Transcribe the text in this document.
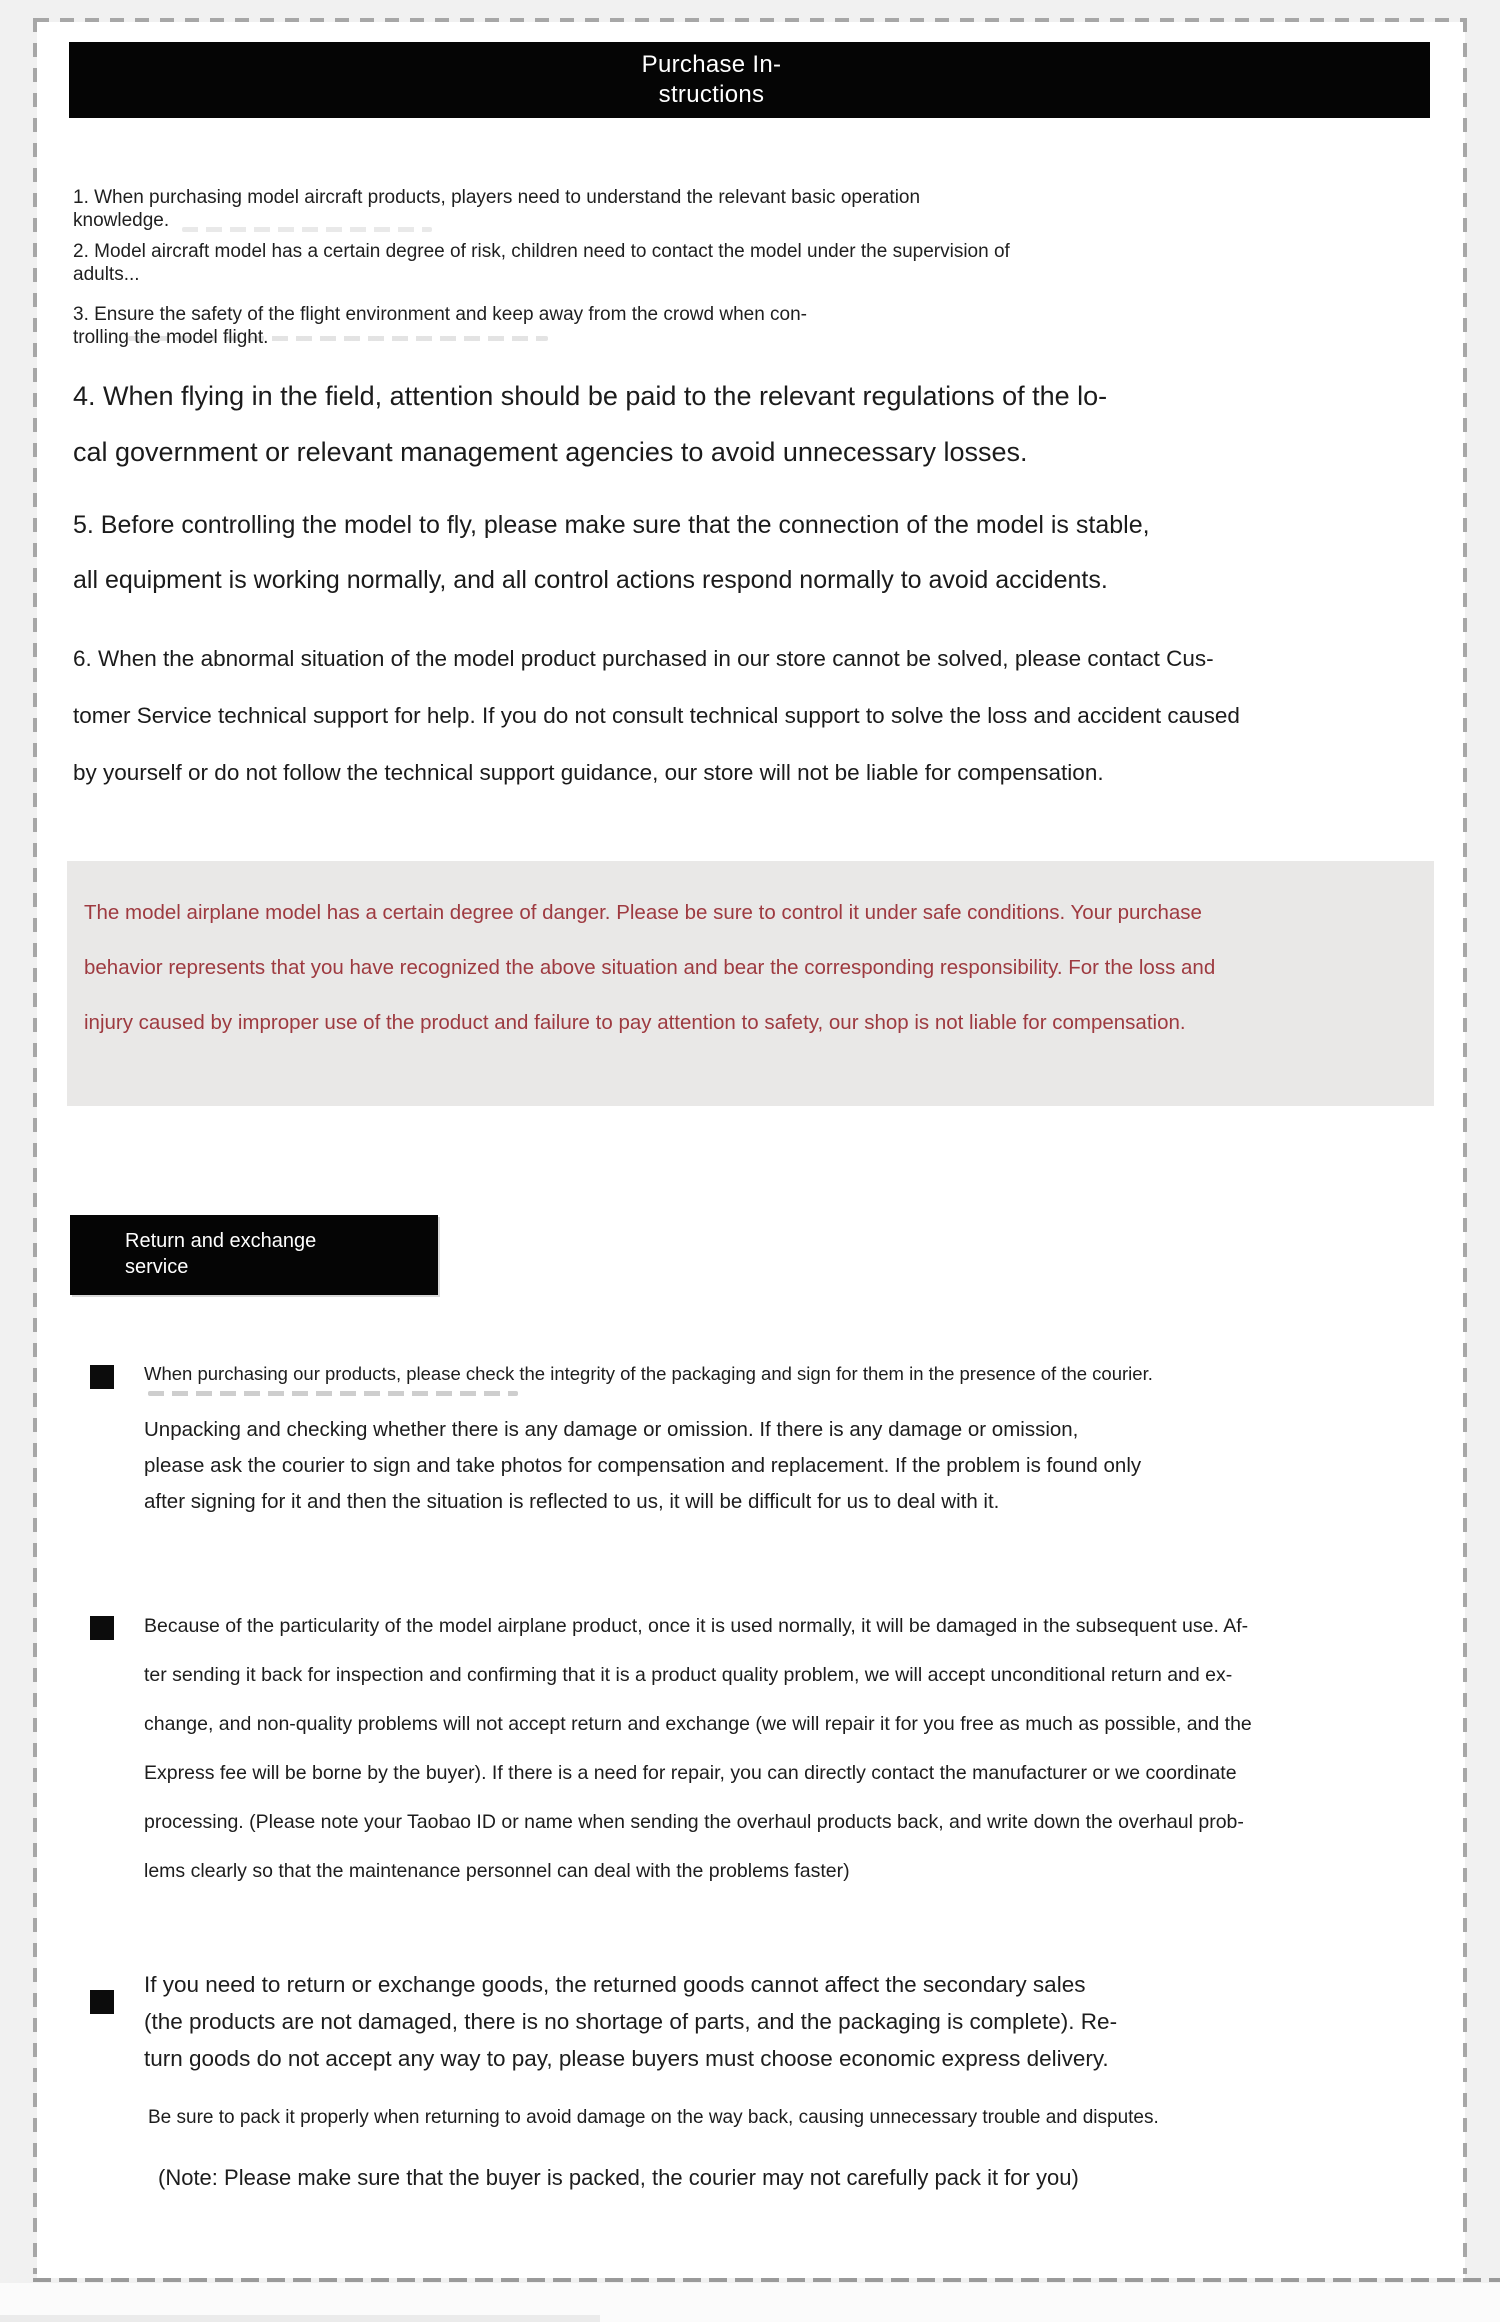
Purchase In-
structions
1. When purchasing model aircraft products, players need to understand the relevant basic operation
knowledge.
2. Model aircraft model has a certain degree of risk, children need to contact the model under the supervision of
adults...
3. Ensure the safety of the flight environment and keep away from the crowd when con-
trolling the model flight.
4. When flying in the field, attention should be paid to the relevant regulations of the lo-
cal government or relevant management agencies to avoid unnecessary losses.
5. Before controlling the model to fly, please make sure that the connection of the model is stable,
all equipment is working normally, and all control actions respond normally to avoid accidents.
6. When the abnormal situation of the model product purchased in our store cannot be solved, please contact Cus-
tomer Service technical support for help. If you do not consult technical support to solve the loss and accident caused
by yourself or do not follow the technical support guidance, our store will not be liable for compensation.
The model airplane model has a certain degree of danger. Please be sure to control it under safe conditions. Your purchase
behavior represents that you have recognized the above situation and bear the corresponding responsibility. For the loss and
injury caused by improper use of the product and failure to pay attention to safety, our shop is not liable for compensation.
Return and exchange
service
When purchasing our products, please check the integrity of the packaging and sign for them in the presence of the courier.
Unpacking and checking whether there is any damage or omission. If there is any damage or omission,
please ask the courier to sign and take photos for compensation and replacement. If the problem is found only
after signing for it and then the situation is reflected to us, it will be difficult for us to deal with it.
Because of the particularity of the model airplane product, once it is used normally, it will be damaged in the subsequent use. Af-
ter sending it back for inspection and confirming that it is a product quality problem, we will accept unconditional return and ex-
change, and non-quality problems will not accept return and exchange (we will repair it for you free as much as possible, and the
Express fee will be borne by the buyer). If there is a need for repair, you can directly contact the manufacturer or we coordinate
processing. (Please note your Taobao ID or name when sending the overhaul products back, and write down the overhaul prob-
lems clearly so that the maintenance personnel can deal with the problems faster)
If you need to return or exchange goods, the returned goods cannot affect the secondary sales
(the products are not damaged, there is no shortage of parts, and the packaging is complete). Re-
turn goods do not accept any way to pay, please buyers must choose economic express delivery.
Be sure to pack it properly when returning to avoid damage on the way back, causing unnecessary trouble and disputes.
(Note: Please make sure that the buyer is packed, the courier may not carefully pack it for you)
